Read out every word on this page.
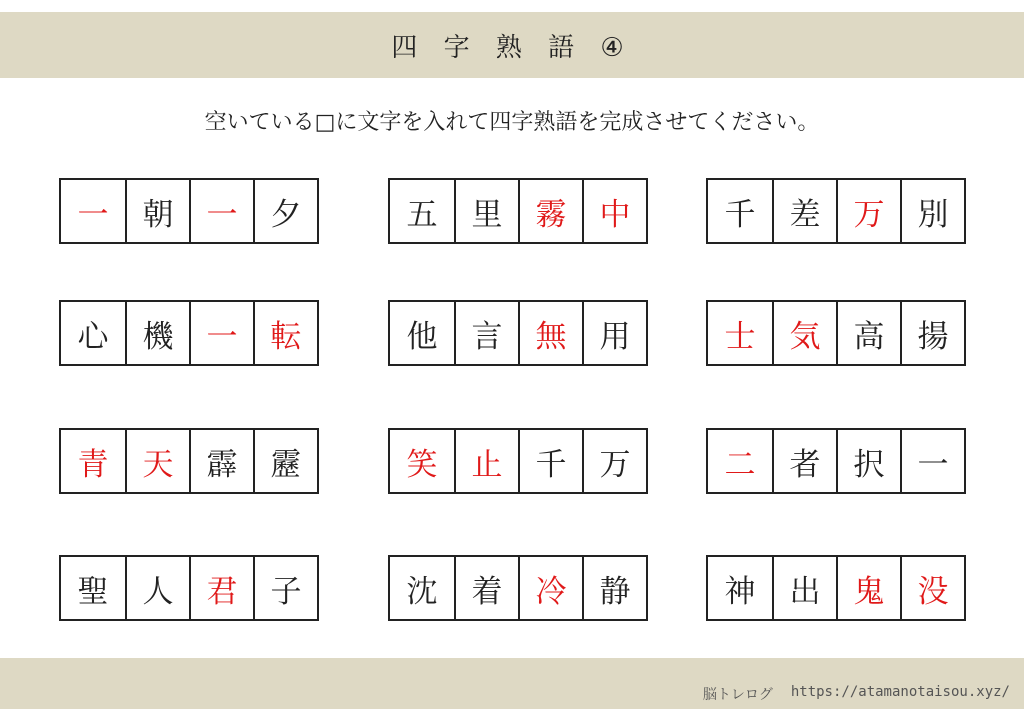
四 字 熟 語 ④
空いている□に文字を入れて四字熟語を完成させてください。
一	朝	一	夕	五	里	霧	中	千	差	万	別
心	機	一	転	他	言	無	用	士	気	高	揚
青	天	霹	靂	笑	止	千	万	二	者	択	一
聖	人	君	子	沈	着	冷	静	神	出	鬼	没
脳トレログ https://atamanotaisou.xyz/
